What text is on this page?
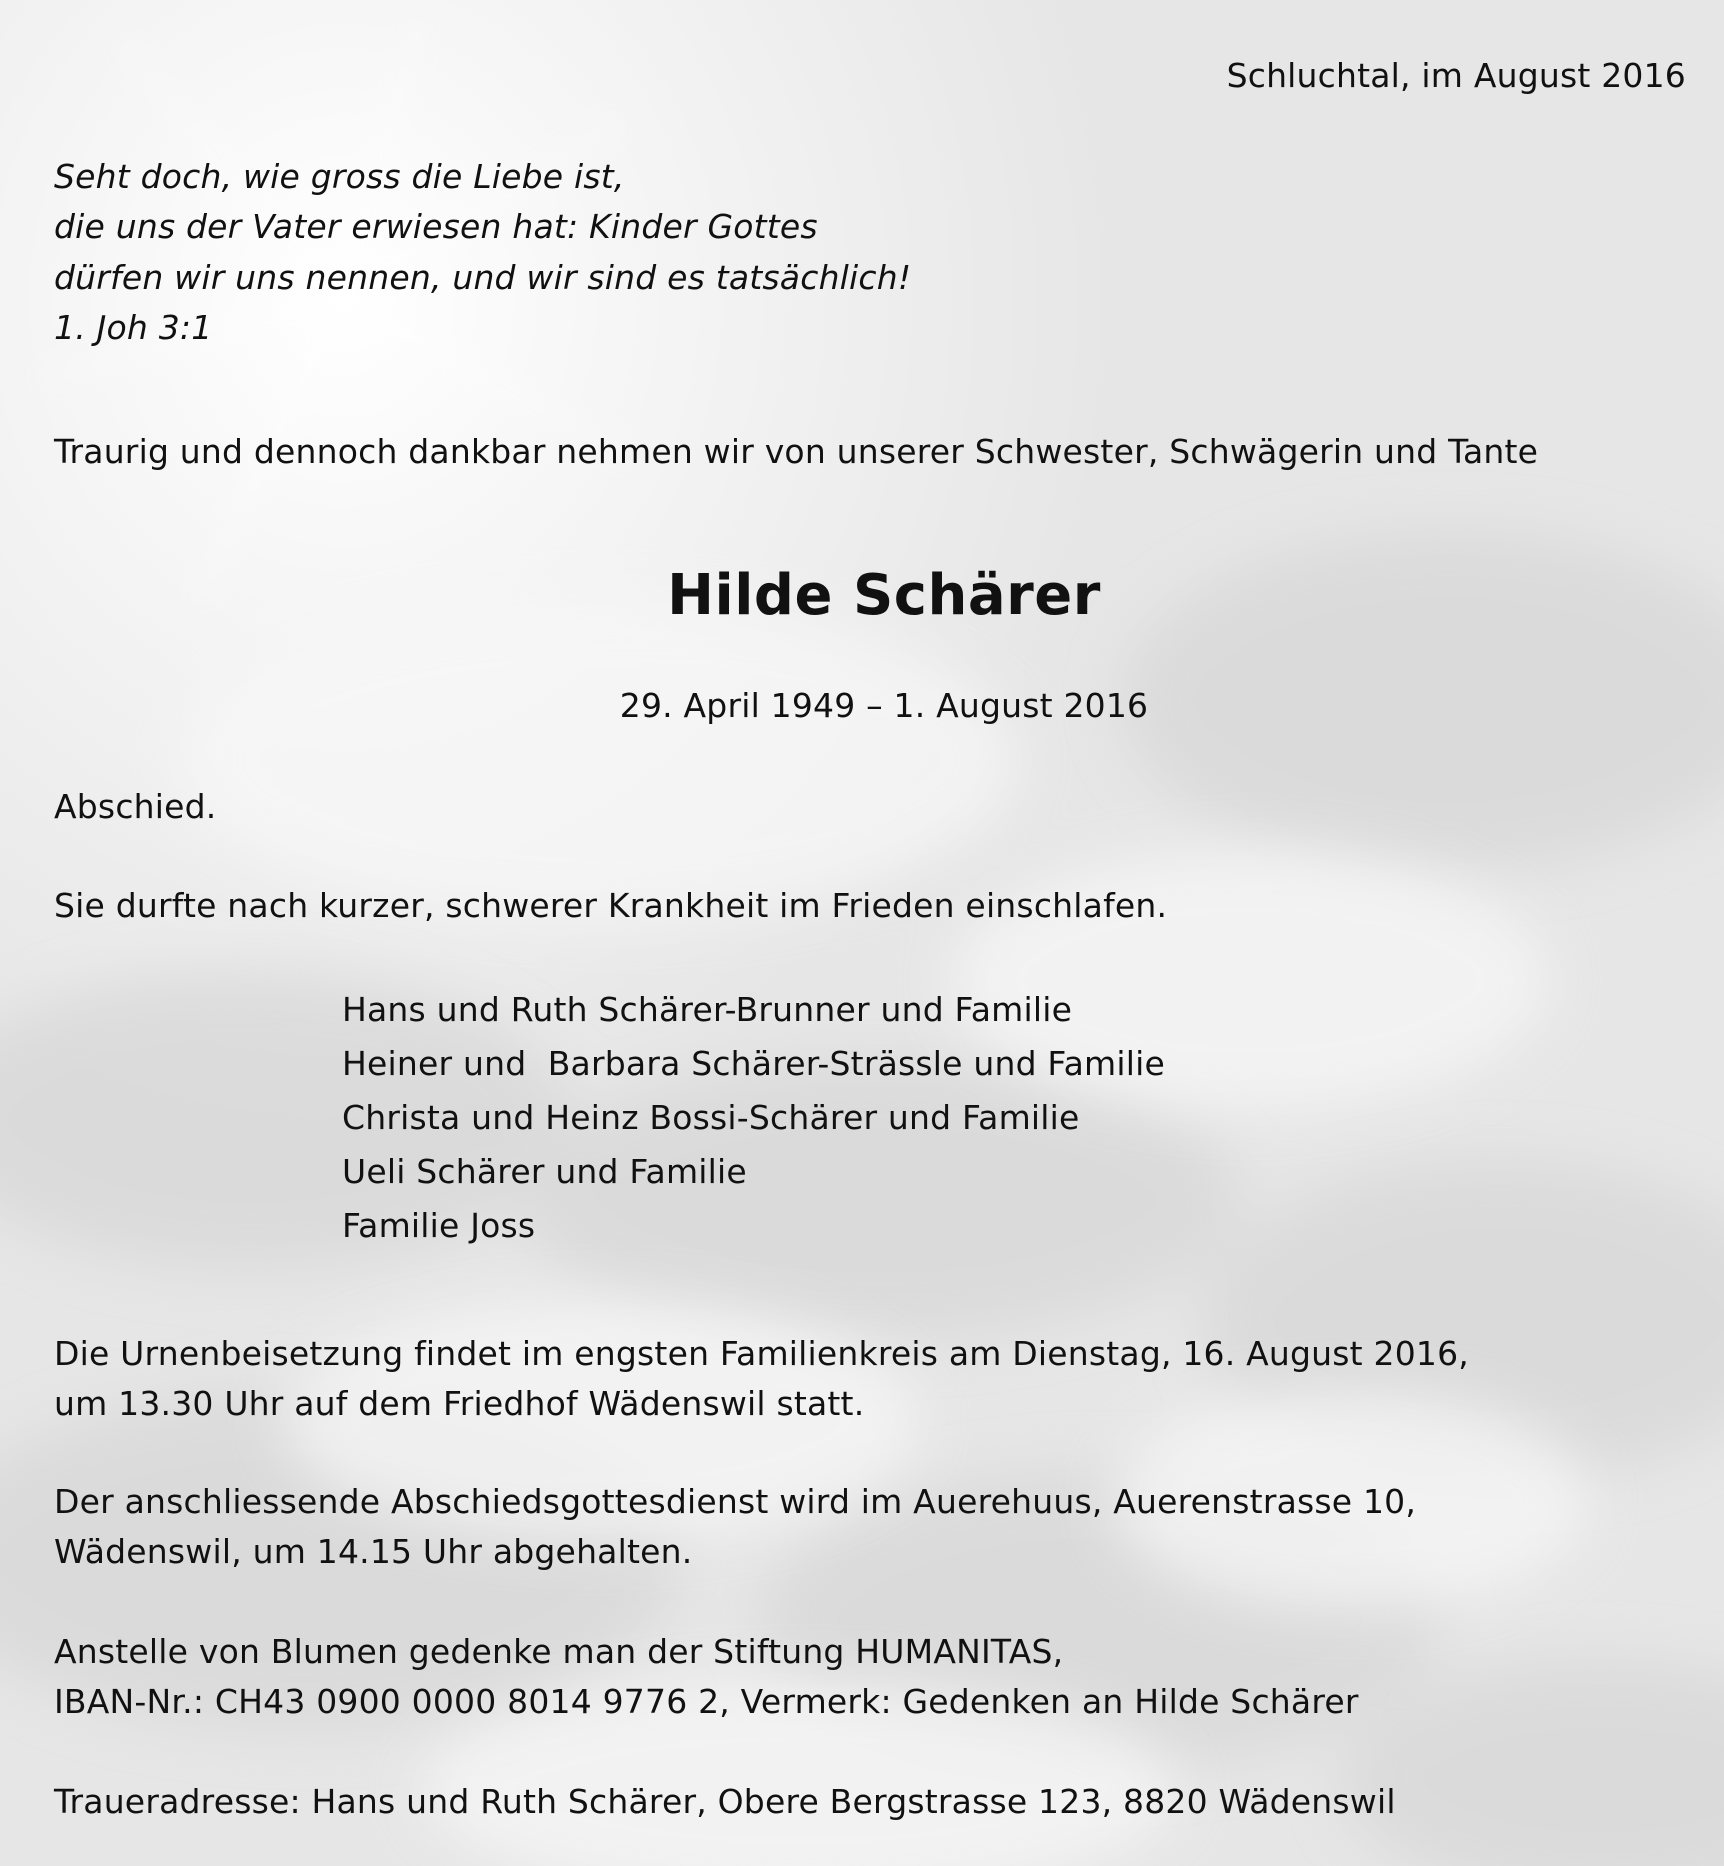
Schluchtal, im August 2016
Seht doch, wie gross die Liebe ist,
die uns der Vater erwiesen hat: Kinder Gottes
dürfen wir uns nennen, und wir sind es tatsächlich!
1. Joh 3:1
Traurig und dennoch dankbar nehmen wir von unserer Schwester, Schwägerin und Tante
Hilde Schärer
29. April 1949 – 1. August 2016
Abschied.
Sie durfte nach kurzer, schwerer Krankheit im Frieden einschlafen.
Hans und Ruth Schärer-Brunner und Familie
Heiner und  Barbara Schärer-Strässle und Familie
Christa und Heinz Bossi-Schärer und Familie
Ueli Schärer und Familie
Familie Joss
Die Urnenbeisetzung findet im engsten Familienkreis am Dienstag, 16. August 2016,
um 13.30 Uhr auf dem Friedhof Wädenswil statt.
Der anschliessende Abschiedsgottesdienst wird im Auerehuus, Auerenstrasse 10,
Wädenswil, um 14.15 Uhr abgehalten.
Anstelle von Blumen gedenke man der Stiftung HUMANITAS,
IBAN-Nr.: CH43 0900 0000 8014 9776 2, Vermerk: Gedenken an Hilde Schärer
Traueradresse: Hans und Ruth Schärer, Obere Bergstrasse 123, 8820 Wädenswil
